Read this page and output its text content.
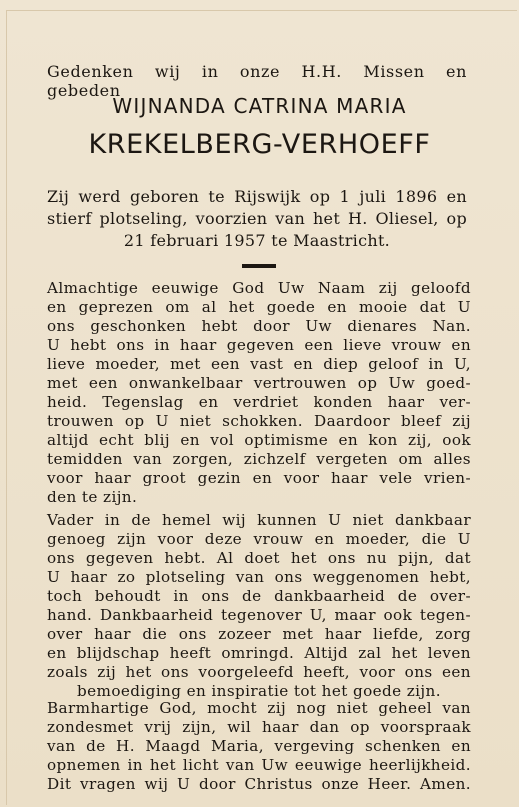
Gedenken wij in onze H.H. Missen en gebeden
WIJNANDA CATRINA MARIA
KREKELBERG-VERHOEFF
Zij werd geboren te Rijswijk op 1 juli 1896 en
stierf plotseling, voorzien van het H. Oliesel, op
21 februari 1957 te Maastricht.
Almachtige eeuwige God Uw Naam zij geloofd
en geprezen om al het goede en mooie dat U
ons geschonken hebt door Uw dienares Nan.
U hebt ons in haar gegeven een lieve vrouw en
lieve moeder, met een vast en diep geloof in U,
met een onwankelbaar vertrouwen op Uw goed-
heid. Tegenslag en verdriet konden haar ver-
trouwen op U niet schokken. Daardoor bleef zij
altijd echt blij en vol optimisme en kon zij, ook
temidden van zorgen, zichzelf vergeten om alles
voor haar groot gezin en voor haar vele vrien-
den te zijn.
Vader in de hemel wij kunnen U niet dankbaar
genoeg zijn voor deze vrouw en moeder, die U
ons gegeven hebt. Al doet het ons nu pijn, dat
U haar zo plotseling van ons weggenomen hebt,
toch behoudt in ons de dankbaarheid de over-
hand. Dankbaarheid tegenover U, maar ook tegen-
over haar die ons zozeer met haar liefde, zorg
en blijdschap heeft omringd. Altijd zal het leven
zoals zij het ons voorgeleefd heeft, voor ons een
bemoediging en inspiratie tot het goede zijn.
Barmhartige God, mocht zij nog niet geheel van
zondesmet vrij zijn, wil haar dan op voorspraak
van de H. Maagd Maria, vergeving schenken en
opnemen in het licht van Uw eeuwige heerlijkheid.
Dit vragen wij U door Christus onze Heer. Amen.
